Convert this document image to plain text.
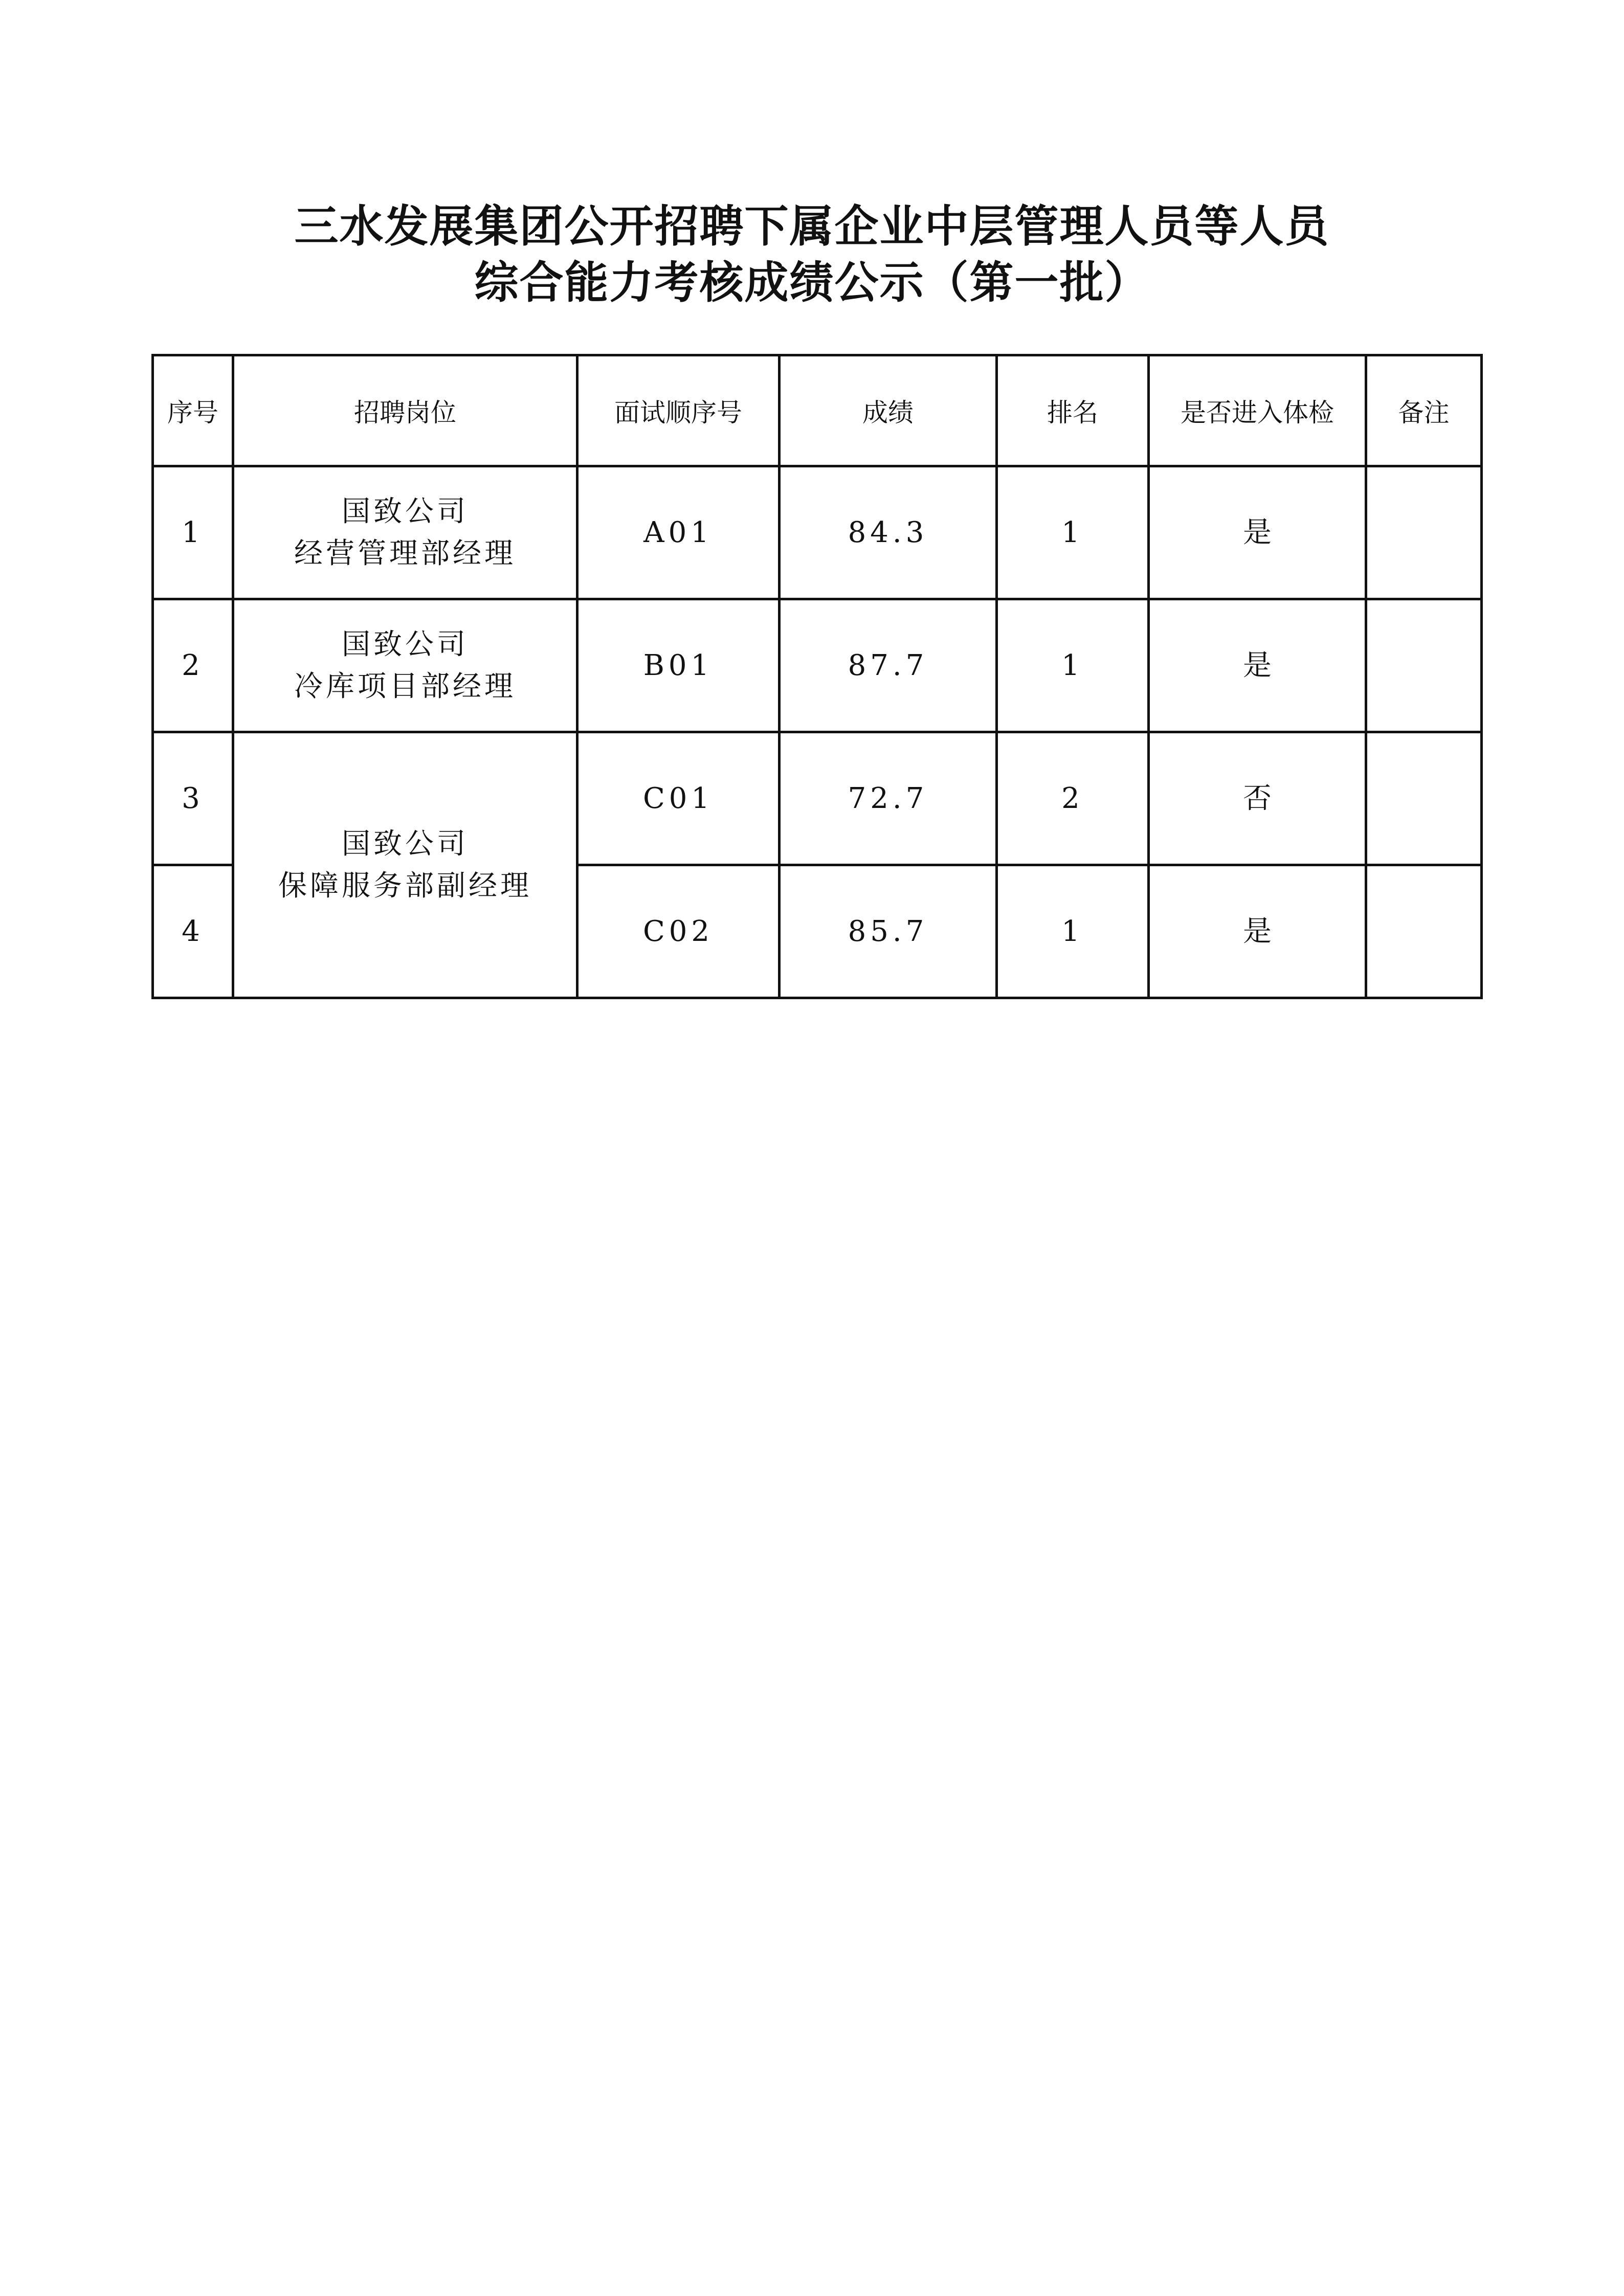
三水发展集团公开招聘下属企业中层管理人员等人员
综合能力考核成绩公示（第一批）
序号	招聘岗位	面试顺序号	成绩	排名	是否进入体检	备注
1	国致公司
经营管理部经理	A01	84.3	1	是	
2	国致公司
冷库项目部经理	B01	87.7	1	是	
3	国致公司
保障服务部副经理	C01	72.7	2	否	
4		C02	85.7	1	是	
